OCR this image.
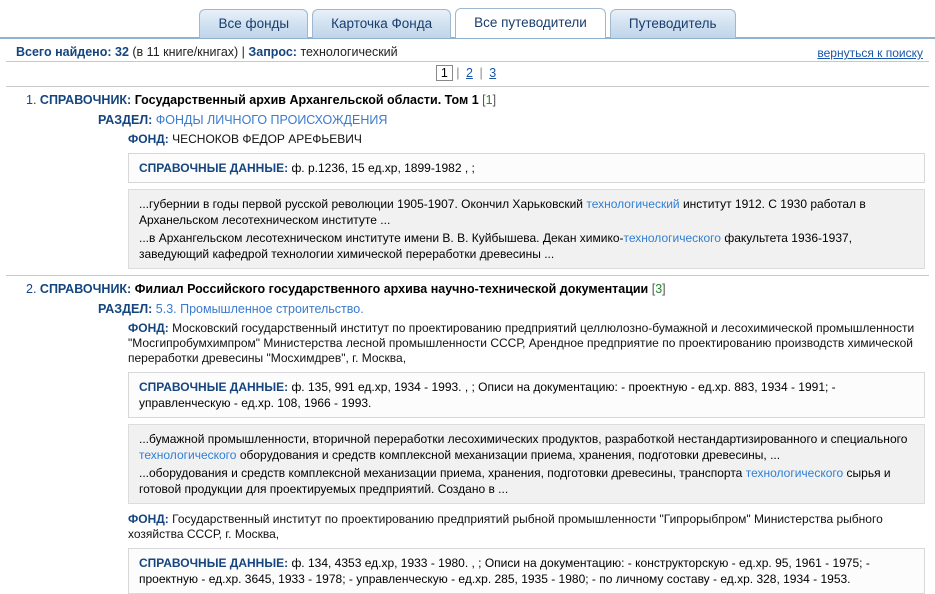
Все фонды	Карточка Фонда	Все путеводители	Путеводитель
Всего найдено: 32 (в 11 книге/книгах) | Запрос: технологический	вернуться к поиску
1 | 2 | 3
1. СПРАВОЧНИК: Государственный архив Архангельской области. Том 1 [1]
РАЗДЕЛ: ФОНДЫ ЛИЧНОГО ПРОИСХОЖДЕНИЯ
ФОНД: ЧЕСНОКОВ ФЕДОР АРЕФЬЕВИЧ
СПРАВОЧНЫЕ ДАННЫЕ: ф. р.1236, 15 ед.хр, 1899-1982 , ;

...губернии в годы первой русской революции 1905-1907. Окончил Харьковский технологический институт 1912. С 1930 работал в Арханельском лесотехническом институте ...

...в Архангельском лесотехническом институте имени В. В. Куйбышева. Декан химико-технологического факультета 1936-1937, заведующий кафедрой технологии химической переработки древесины ...

2. СПРАВОЧНИК: Филиал Российского государственного архива научно-технической документации [3]
РАЗДЕЛ: 5.3. Промышленное строительство.
ФОНД: Московский государственный институт по проектированию предприятий целлюлозно-бумажной и лесохимической промышленности "Мосгипробумхимпром" Министерства лесной промышленности СССР, Арендное предприятие по проектированию производств химической переработки древесины "Мосхимдрев", г. Москва,
СПРАВОЧНЫЕ ДАННЫЕ: ф. 135, 991 ед.хр, 1934 - 1993. , ; Описи на документацию: - проектную - ед.хр. 883, 1934 - 1991; - управленческую - ед.хр. 108, 1966 - 1993.

...бумажной промышленности, вторичной переработки лесохимических продуктов, разработкой нестандартизированного и специального технологического оборудования и средств комплексной механизации приема, хранения, подготовки древесины, ...

...оборудования и средств комплексной механизации приема, хранения, подготовки древесины, транспорта технологического сырья и готовой продукции для проектируемых предприятий. Создано в ...

ФОНД: Государственный институт по проектированию предприятий рыбной промышленности "Гипрорыбпром" Министерства рыбного хозяйства СССР, г. Москва,
СПРАВОЧНЫЕ ДАННЫЕ: ф. 134, 4353 ед.хр, 1933 - 1980. , ; Описи на документацию: - конструкторскую - ед.хр. 95, 1961 - 1975; - проектную - ед.хр. 3645, 1933 - 1978; - управленческую - ед.хр. 285, 1935 - 1980; - по личному составу - ед.хр. 328, 1934 - 1953.
